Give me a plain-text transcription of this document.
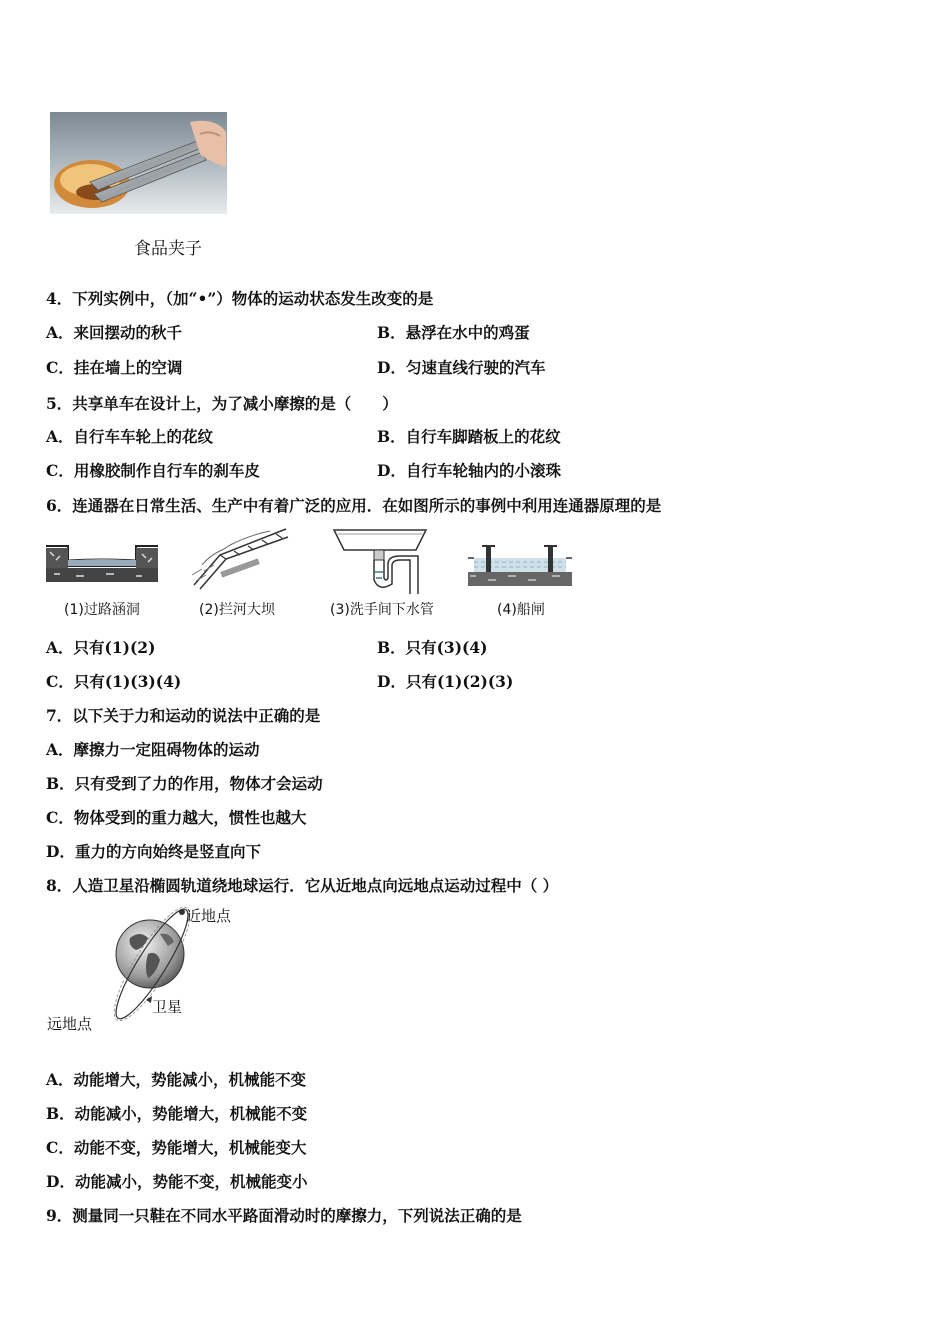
食品夹子
4．下列实例中，（加“•”）物体的运动状态发生改变的是
A．来回摆动的秋千	B．悬浮在水中的鸡蛋
C．挂在墙上的空调	D．匀速直线行驶的汽车
5．共享单车在设计上，为了减小摩擦的是（　　）
A．自行车车轮上的花纹	B．自行车脚踏板上的花纹
C．用橡胶制作自行车的刹车皮	D．自行车轮轴内的小滚珠
6．连通器在日常生活、生产中有着广泛的应用．在如图所示的事例中利用连通器原理的是
(1)过路涵洞	(2)拦河大坝	(3)洗手间下水管	(4)船闸
A．只有(1)(2)	B．只有(3)(4)
C．只有(1)(3)(4)	D．只有(1)(2)(3)
7．以下关于力和运动的说法中正确的是
A．摩擦力一定阻碍物体的运动
B．只有受到了力的作用，物体才会运动
C．物体受到的重力越大，惯性也越大
D．重力的方向始终是竖直向下
8．人造卫星沿椭圆轨道绕地球运行．它从近地点向远地点运动过程中（ ）
近地点
卫星
远地点
A．动能增大，势能减小，机械能不变
B．动能减小，势能增大，机械能不变
C．动能不变，势能增大，机械能变大
D．动能减小，势能不变，机械能变小
9．测量同一只鞋在不同水平路面滑动时的摩擦力，下列说法正确的是
